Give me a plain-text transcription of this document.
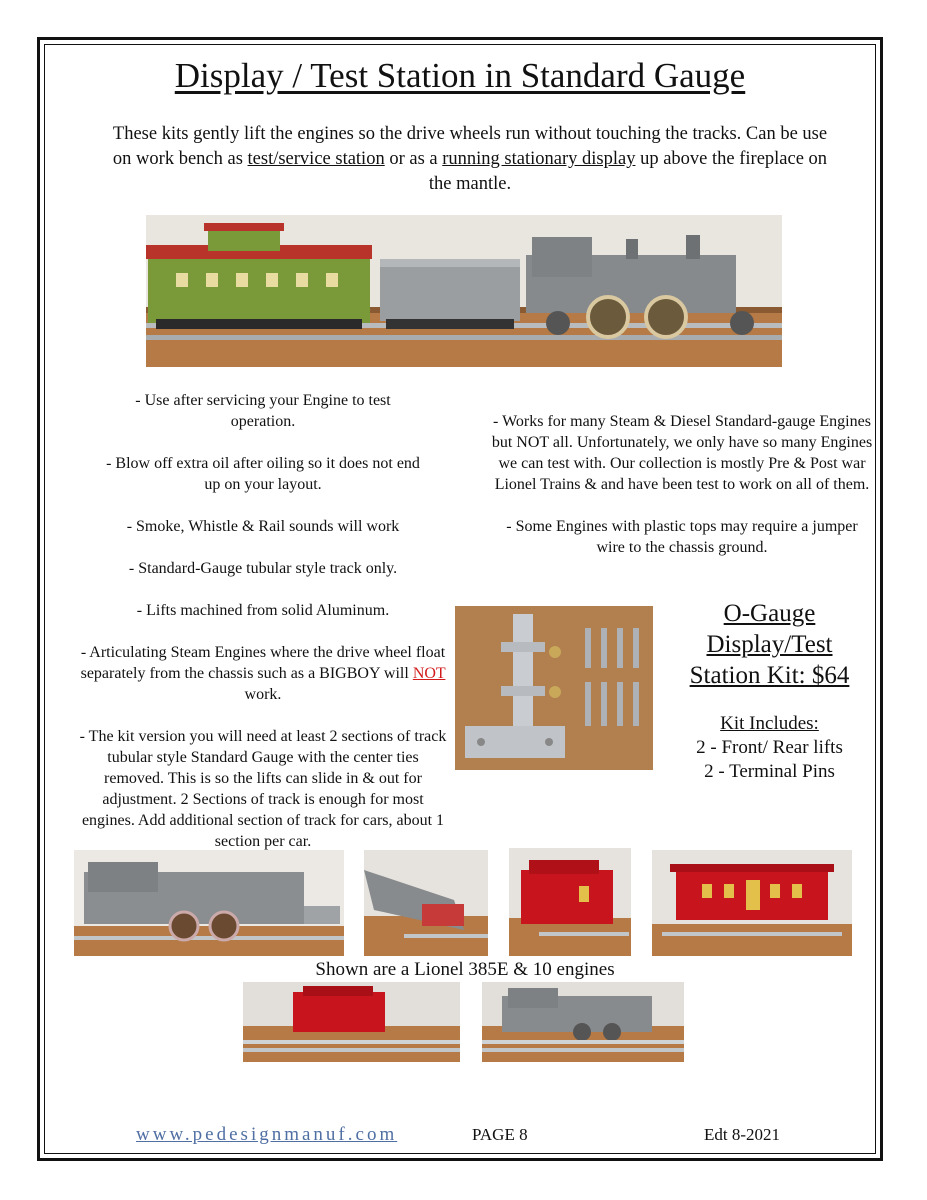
Display / Test Station in Standard Gauge
These kits gently lift the engines so the drive wheels run without touching the tracks. Can be use on work bench as test/service station or as a running stationary display up above the fireplace on the mantle.

- Use after servicing your Engine to test operation.

- Blow off extra oil after oiling so it does not end up on your layout.

- Smoke, Whistle & Rail sounds will work

- Standard-Gauge tubular style track only.

- Lifts machined from solid Aluminum.

- Articulating Steam Engines where the drive wheel float separately from the chassis such as a BIGBOY will NOT work.

- The kit version you will need at least 2 sections of track tubular style Standard Gauge with the center ties removed. This is so the lifts can slide in & out for adjustment. 2 Sections of track is enough for most engines. Add additional section of track for cars, about 1 section per car.

- Works for many Steam & Diesel Standard-gauge Engines but NOT all. Unfortunately, we only have so many Engines we can test with. Our collection is mostly Pre & Post war Lionel Trains & and have been test to work on all of them.

- Some Engines with plastic tops may require a jumper wire to the chassis ground.

O-Gauge
Display/Test
Station Kit: $64
Kit Includes:
2 - Front/ Rear lifts
2 - Terminal Pins
Shown are a Lionel 385E & 10 engines
www.pedesignmanuf.com	PAGE 8	Edt 8-2021
